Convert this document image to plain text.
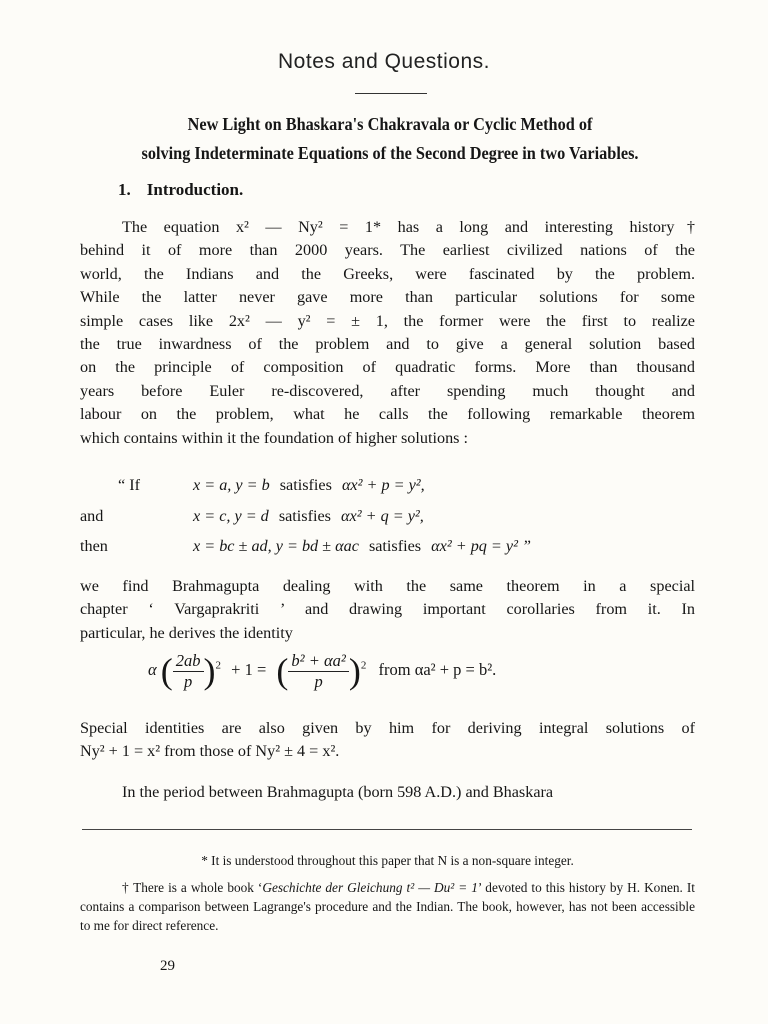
Notes and Questions.
New Light on Bhaskara's Chakravala or Cyclic Method of
solving Indeterminate Equations of the Second Degree in two Variables.
1. Introduction.
The equation x² — Ny² = 1* has a long and interesting history†
behind it of more than 2000 years. The earliest civilized nations of the
world, the Indians and the Greeks, were fascinated by the problem.
While the latter never gave more than particular solutions for some
simple cases like 2x² — y² = ± 1, the former were the first to realize
the true inwardness of the problem and to give a general solution based
on the principle of composition of quadratic forms. More than thousand
years before Euler re-discovered, after spending much thought and
labour on the problem, what he calls the following remarkable theorem
which contains within it the foundation of higher solutions :
“ If	x = a, y = b satisfies αx² + p = y²,
and	x = c, y = d satisfies αx² + q = y²,
then	x = bc ± ad, y = bd ± αac satisfies αx² + pq = y² ”
we find Brahmagupta dealing with the same theorem in a special
chapter ‘ Vargaprakriti ’ and drawing important corollaries from it. In
particular, he derives the identity
α ( $\frac{2ab}{p} )^2 + 1$ = ( $\frac{\text{b² + αa²}}{p} )^2$ from αa² + p = b².
Special identities are also given by him for deriving integral solutions of
Ny² + 1 = x² from those of Ny² ± 4 = x².
In the period between Brahmagupta (born 598 A.D.) and Bhaskara
* It is understood throughout this paper that N is a non-square integer.
† There is a whole book ‘Geschichte der Gleichung t² — Du² = 1’ devoted to this history by H. Konen. It contains a comparison between Lagrange's procedure and the Indian. The book, however, has not been accessible to me for direct reference.
29
